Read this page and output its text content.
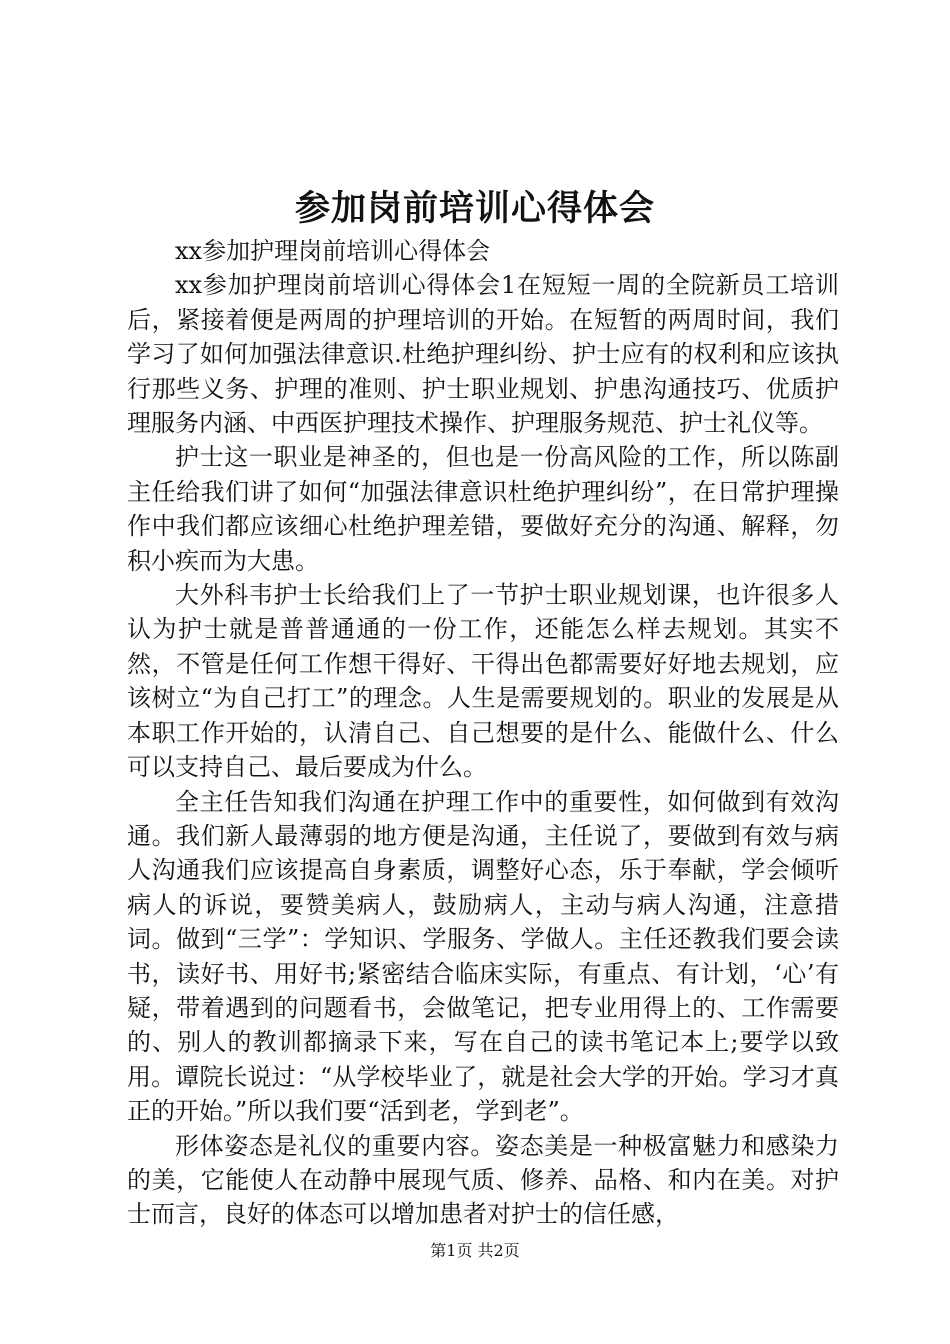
参加岗前培训心得体会

xx参加护理岗前培训心得体会

xx参加护理岗前培训心得体会1在短短一周的全院新员工培训后，紧接着便是两周的护理培训的开始。在短暂的两周时间，我们学习了如何加强法律意识.杜绝护理纠纷、护士应有的权利和应该执行那些义务、护理的准则、护士职业规划、护患沟通技巧、优质护理服务内涵、中西医护理技术操作、护理服务规范、护士礼仪等。

护士这一职业是神圣的，但也是一份高风险的工作，所以陈副主任给我们讲了如何“加强法律意识杜绝护理纠纷”，在日常护理操作中我们都应该细心杜绝护理差错，要做好充分的沟通、解释，勿积小疾而为大患。

大外科韦护士长给我们上了一节护士职业规划课，也许很多人认为护士就是普普通通的一份工作，还能怎么样去规划。其实不然，不管是任何工作想干得好、干得出色都需要好好地去规划，应该树立“为自己打工”的理念。人生是需要规划的。职业的发展是从本职工作开始的，认清自己、自己想要的是什么、能做什么、什么可以支持自己、最后要成为什么。

全主任告知我们沟通在护理工作中的重要性，如何做到有效沟通。我们新人最薄弱的地方便是沟通，主任说了，要做到有效与病人沟通我们应该提高自身素质，调整好心态，乐于奉献，学会倾听病人的诉说，要赞美病人，鼓励病人，主动与病人沟通，注意措词。做到“三学”：学知识、学服务、学做人。主任还教我们要会读书，读好书、用好书;紧密结合临床实际，有重点、有计划，‘心’有疑，带着遇到的问题看书，会做笔记，把专业用得上的、工作需要的、别人的教训都摘录下来，写在自己的读书笔记本上;要学以致用。谭院长说过：“从学校毕业了，就是社会大学的开始。学习才真正的开始。”所以我们要“活到老，学到老”。

形体姿态是礼仪的重要内容。姿态美是一种极富魅力和感染力的美，它能使人在动静中展现气质、修养、品格、和内在美。对护士而言，良好的体态可以增加患者对护士的信任感，

第1页 共2页
